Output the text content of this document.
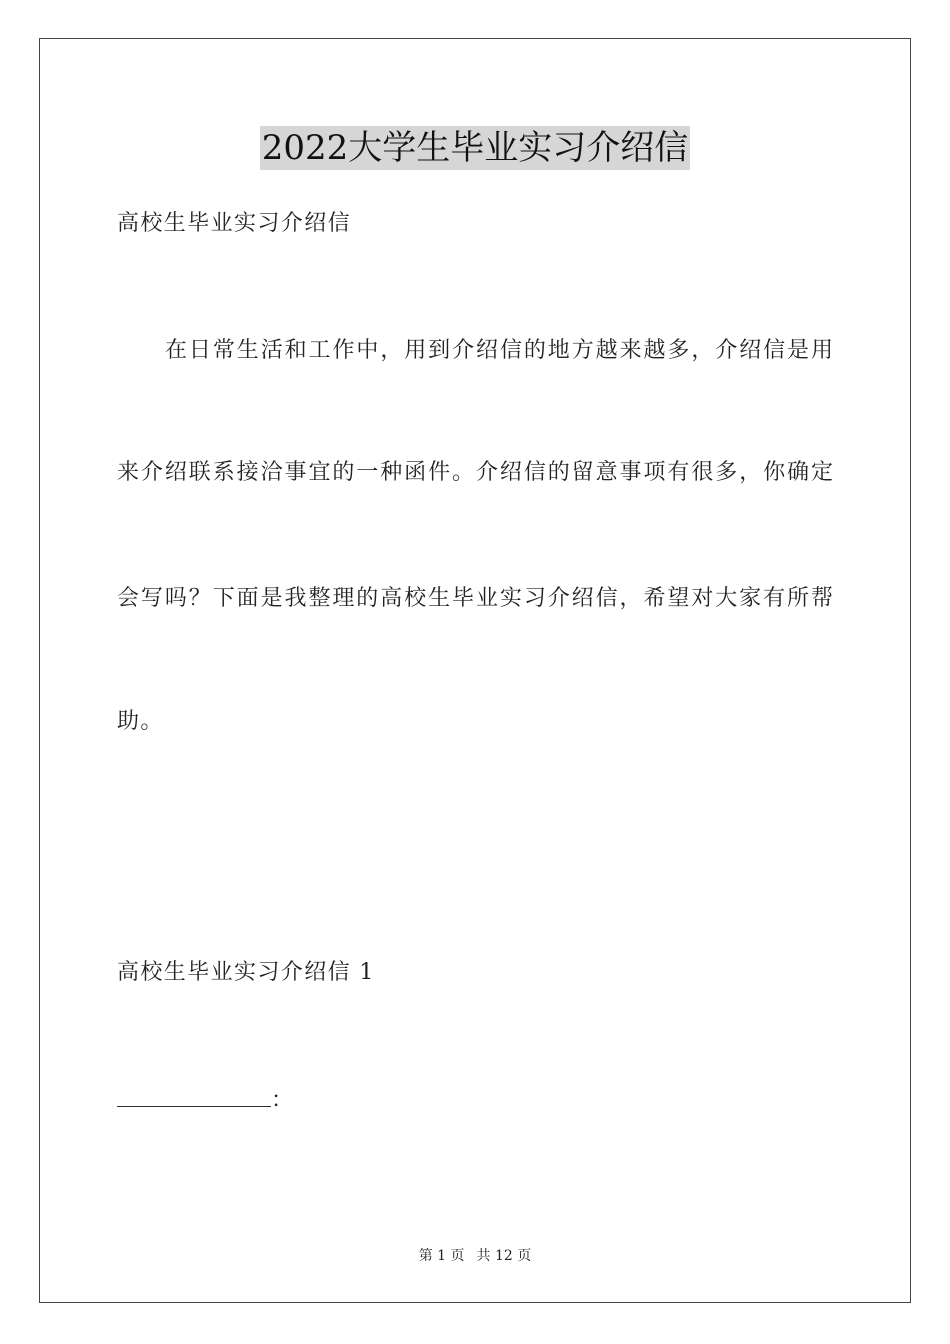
2022大学生毕业实习介绍信
高校生毕业实习介绍信
在日常生活和工作中，用到介绍信的地方越来越多，介绍信是用
来介绍联系接洽事宜的一种函件。介绍信的留意事项有很多，你确定
会写吗？下面是我整理的高校生毕业实习介绍信，希望对大家有所帮
助。
高校生毕业实习介绍信 1
：
第 1 页 共 12 页
